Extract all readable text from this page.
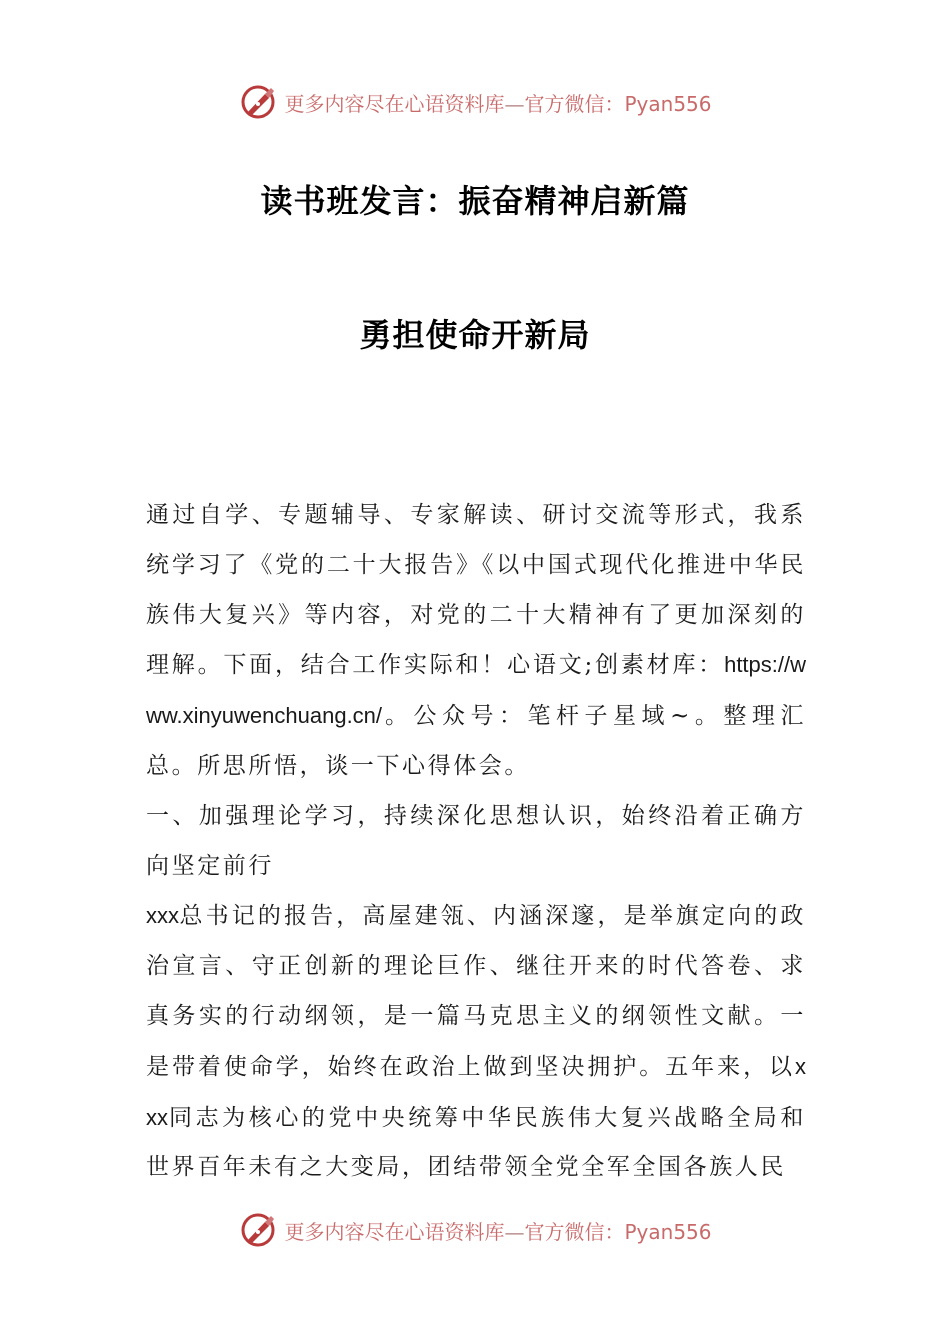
更多内容尽在心语资料库—官方微信：Pyan556
读书班发言：振奋精神启新篇
勇担使命开新局

通过自学、专题辅导、专家解读、研讨交流等形式，我系统学习了《党的二十大报告》《以中国式现代化推进中华民族伟大复兴》等内容，对党的二十大精神有了更加深刻的理解。下面，结合工作实际和！心语文;创素材库：https://www.xinyuwenchuang.cn/。公众号：笔杆子星域~。整理汇总。所思所悟，谈一下心得体会。

一、加强理论学习，持续深化思想认识，始终沿着正确方向坚定前行

xxx总书记的报告，高屋建瓴、内涵深邃，是举旗定向的政治宣言、守正创新的理论巨作、继往开来的时代答卷、求真务实的行动纲领，是一篇马克思主义的纲领性文献。一是带着使命学，始终在政治上做到坚决拥护。五年来，以xxx同志为核心的党中央统筹中华民族伟大复兴战略全局和世界百年未有之大变局，团结带领全党全军全国各族人民

更多内容尽在心语资料库—官方微信：Pyan556
